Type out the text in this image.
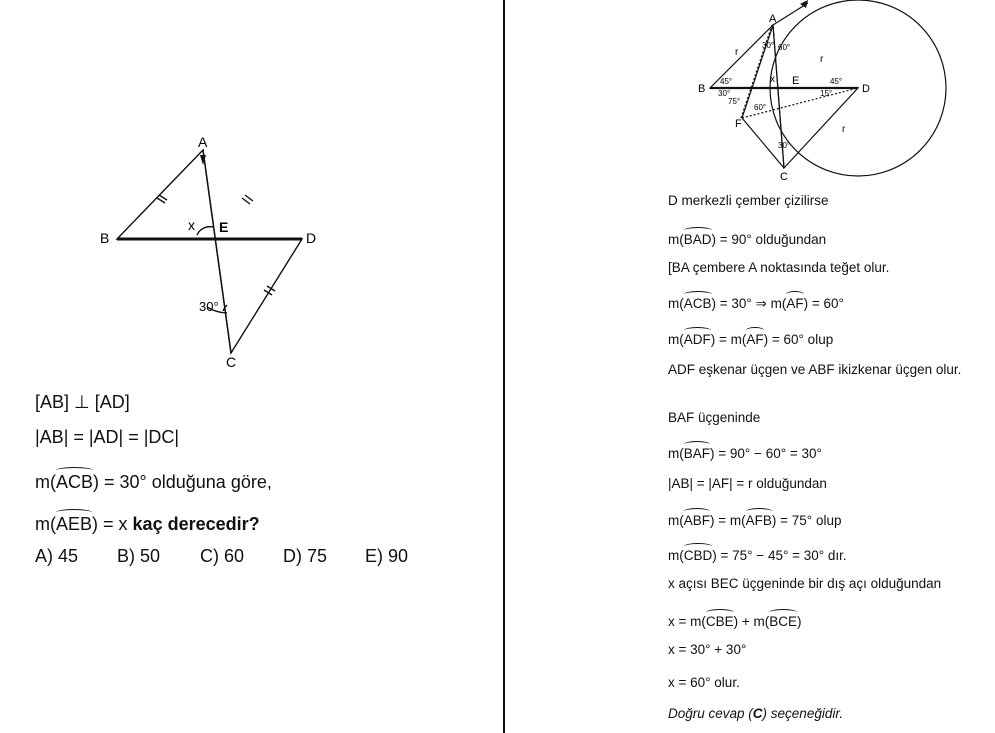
A
B	D
C
E
x
30°
[AB] ⊥ [AD]
|AB| = |AD| = |DC|
m(ACB) = 30° olduğuna göre,
m(AEB) = x kaç derecedir?
A) 45 B) 50 C) 60 D) 75 E) 90
A
B	D
C
E
F
x
r
r
r
60°
30°
45°	45°
30°
75°
15°
60°
30°
D merkezli çember çizilirse
m(BAD) = 90° olduğundan
[BA çembere A noktasında teğet olur.
m(ACB) = 30° ⇒ m(AF) = 60°
m(ADF) = m(AF) = 60° olup
ADF eşkenar üçgen ve ABF ikizkenar üçgen olur.
BAF üçgeninde
m(BAF) = 90° − 60° = 30°
|AB| = |AF| = r olduğundan
m(ABF) = m(AFB) = 75° olup
m(CBD) = 75° − 45° = 30° dır.
x açısı BEC üçgeninde bir dış açı olduğundan
x = m(CBE) + m(BCE)
x = 30° + 30°
x = 60° olur.
Doğru cevap (C) seçeneğidir.
